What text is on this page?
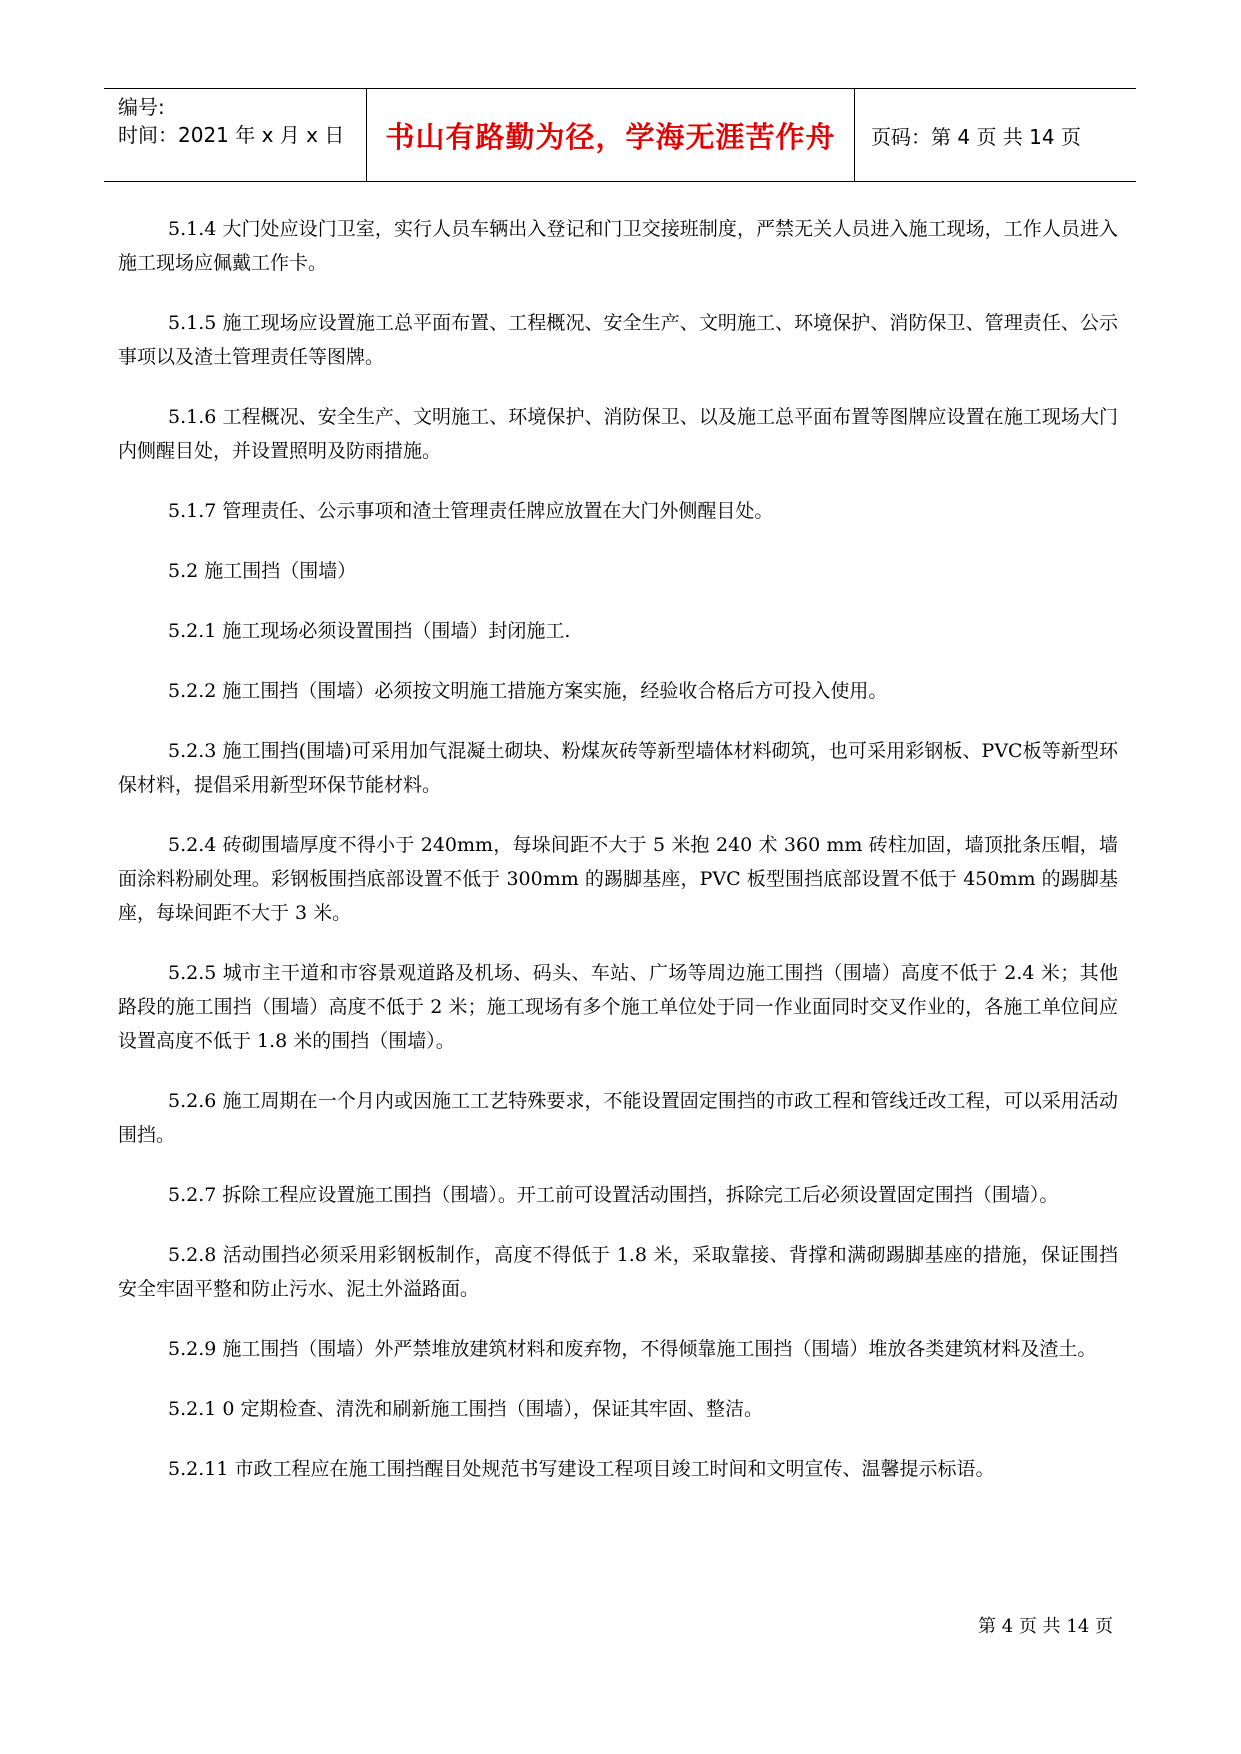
编号:
时间：2021 年 x 月 x 日	书山有路勤为径，学海无涯苦作舟 页码：第 4 页 共 14 页

5.1.4 大门处应设门卫室，实行人员车辆出入登记和门卫交接班制度，严禁无关人员进入施工现场，工作人员进入施工现场应佩戴工作卡。

5.1.5 施工现场应设置施工总平面布置、工程概况、安全生产、文明施工、环境保护、消防保卫、管理责任、公示事项以及渣土管理责任等图牌。

5.1.6 工程概况、安全生产、文明施工、环境保护、消防保卫、以及施工总平面布置等图牌应设置在施工现场大门内侧醒目处，并设置照明及防雨措施。

5.1.7 管理责任、公示事项和渣土管理责任牌应放置在大门外侧醒目处。

5.2 施工围挡（围墙）

5.2.1 施工现场必须设置围挡（围墙）封闭施工.

5.2.2 施工围挡（围墙）必须按文明施工措施方案实施，经验收合格后方可投入使用。

5.2.3 施工围挡(围墙)可采用加气混凝土砌块、粉煤灰砖等新型墙体材料砌筑，也可采用彩钢板、PVC板等新型环保材料，提倡采用新型环保节能材料。

5.2.4 砖砌围墙厚度不得小于 240mm，每垛间距不大于 5 米抱 240 术 360 mm 砖柱加固，墙顶批条压帽，墙面涂料粉刷处理。彩钢板围挡底部设置不低于 300mm 的踢脚基座，PVC 板型围挡底部设置不低于 450mm 的踢脚基座，每垛间距不大于 3 米。

5.2.5 城市主干道和市容景观道路及机场、码头、车站、广场等周边施工围挡（围墙）高度不低于 2.4 米；其他路段的施工围挡（围墙）高度不低于 2 米；施工现场有多个施工单位处于同一作业面同时交叉作业的，各施工单位间应设置高度不低于 1.8 米的围挡（围墙）。

5.2.6 施工周期在一个月内或因施工工艺特殊要求，不能设置固定围挡的市政工程和管线迁改工程，可以采用活动围挡。

5.2.7 拆除工程应设置施工围挡（围墙）。开工前可设置活动围挡，拆除完工后必须设置固定围挡（围墙）。

5.2.8 活动围挡必须采用彩钢板制作，高度不得低于 1.8 米，采取靠接、背撑和满砌踢脚基座的措施，保证围挡安全牢固平整和防止污水、泥土外溢路面。

5.2.9 施工围挡（围墙）外严禁堆放建筑材料和废弃物，不得倾靠施工围挡（围墙）堆放各类建筑材料及渣土。

5.2.1 0 定期检查、清洗和刷新施工围挡（围墙），保证其牢固、整洁。

5.2.11 市政工程应在施工围挡醒目处规范书写建设工程项目竣工时间和文明宣传、温馨提示标语。

第 4 页 共 14 页
